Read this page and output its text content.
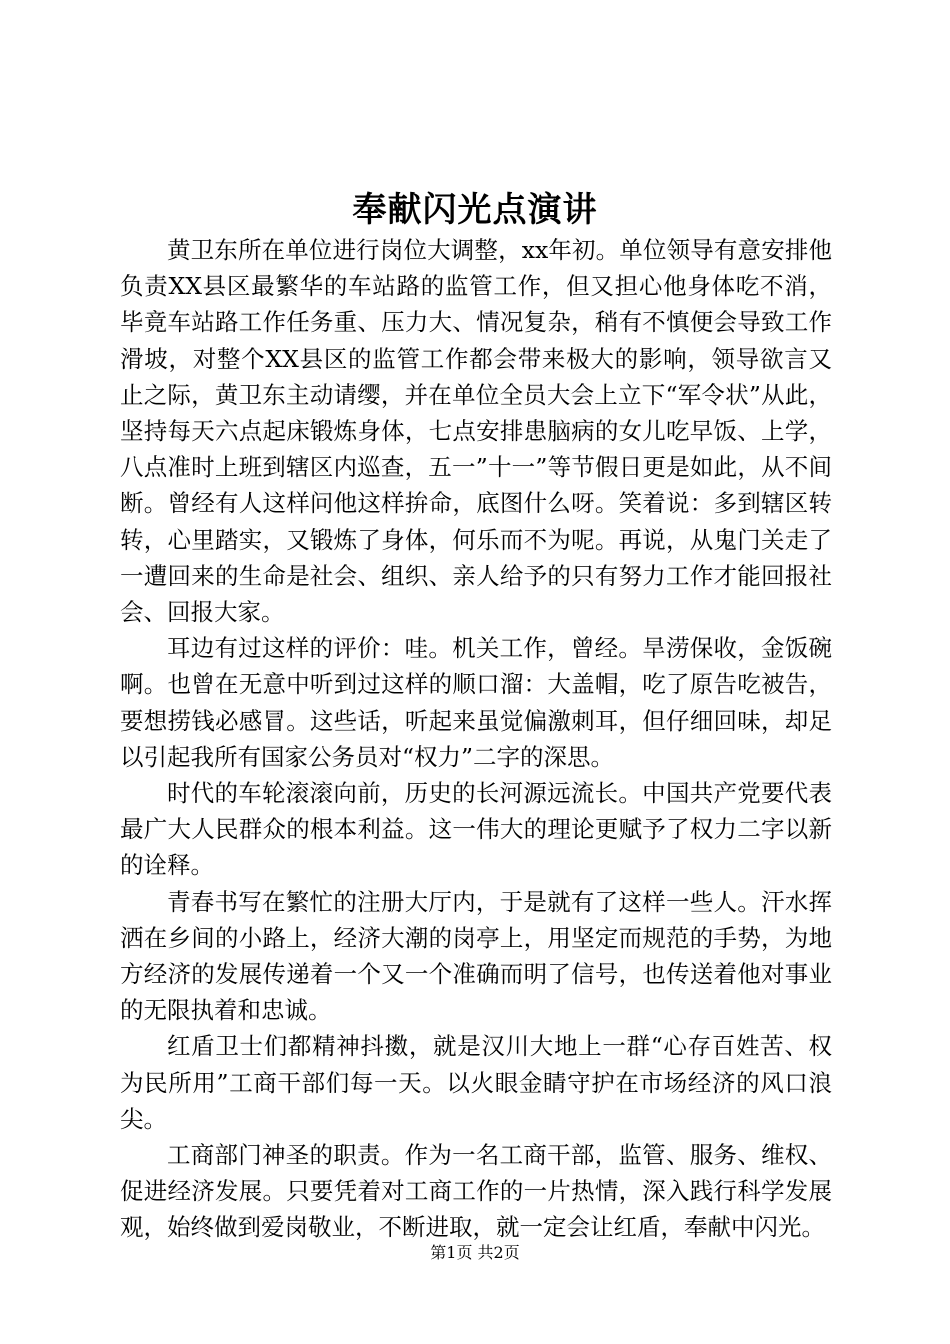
奉献闪光点演讲

黄卫东所在单位进行岗位大调整，xx年初。单位领导有意安排他负责XX县区最繁华的车站路的监管工作，但又担心他身体吃不消，毕竟车站路工作任务重、压力大、情况复杂，稍有不慎便会导致工作滑坡，对整个XX县区的监管工作都会带来极大的影响，领导欲言又止之际，黄卫东主动请缨，并在单位全员大会上立下“军令状”从此，坚持每天六点起床锻炼身体，七点安排患脑病的女儿吃早饭、上学，八点准时上班到辖区内巡查，五一”十一”等节假日更是如此，从不间断。曾经有人这样问他这样拚命，底图什么呀。笑着说：多到辖区转转，心里踏实，又锻炼了身体，何乐而不为呢。再说，从鬼门关走了一遭回来的生命是社会、组织、亲人给予的只有努力工作才能回报社会、回报大家。

耳边有过这样的评价：哇。机关工作，曾经。旱涝保收，金饭碗啊。也曾在无意中听到过这样的顺口溜：大盖帽，吃了原告吃被告，要想捞钱必感冒。这些话，听起来虽觉偏激刺耳，但仔细回味，却足以引起我所有国家公务员对“权力”二字的深思。

时代的车轮滚滚向前，历史的长河源远流长。中国共产党要代表最广大人民群众的根本利益。这一伟大的理论更赋予了权力二字以新的诠释。

青春书写在繁忙的注册大厅内，于是就有了这样一些人。汗水挥洒在乡间的小路上，经济大潮的岗亭上，用坚定而规范的手势，为地方经济的发展传递着一个又一个准确而明了信号，也传送着他对事业的无限执着和忠诚。

红盾卫士们都精神抖擞，就是汉川大地上一群“心存百姓苦、权为民所用”工商干部们每一天。以火眼金睛守护在市场经济的风口浪尖。

工商部门神圣的职责。作为一名工商干部，监管、服务、维权、促进经济发展。只要凭着对工商工作的一片热情，深入践行科学发展观，始终做到爱岗敬业，不断进取，就一定会让红盾，奉献中闪光。

第1页 共2页
